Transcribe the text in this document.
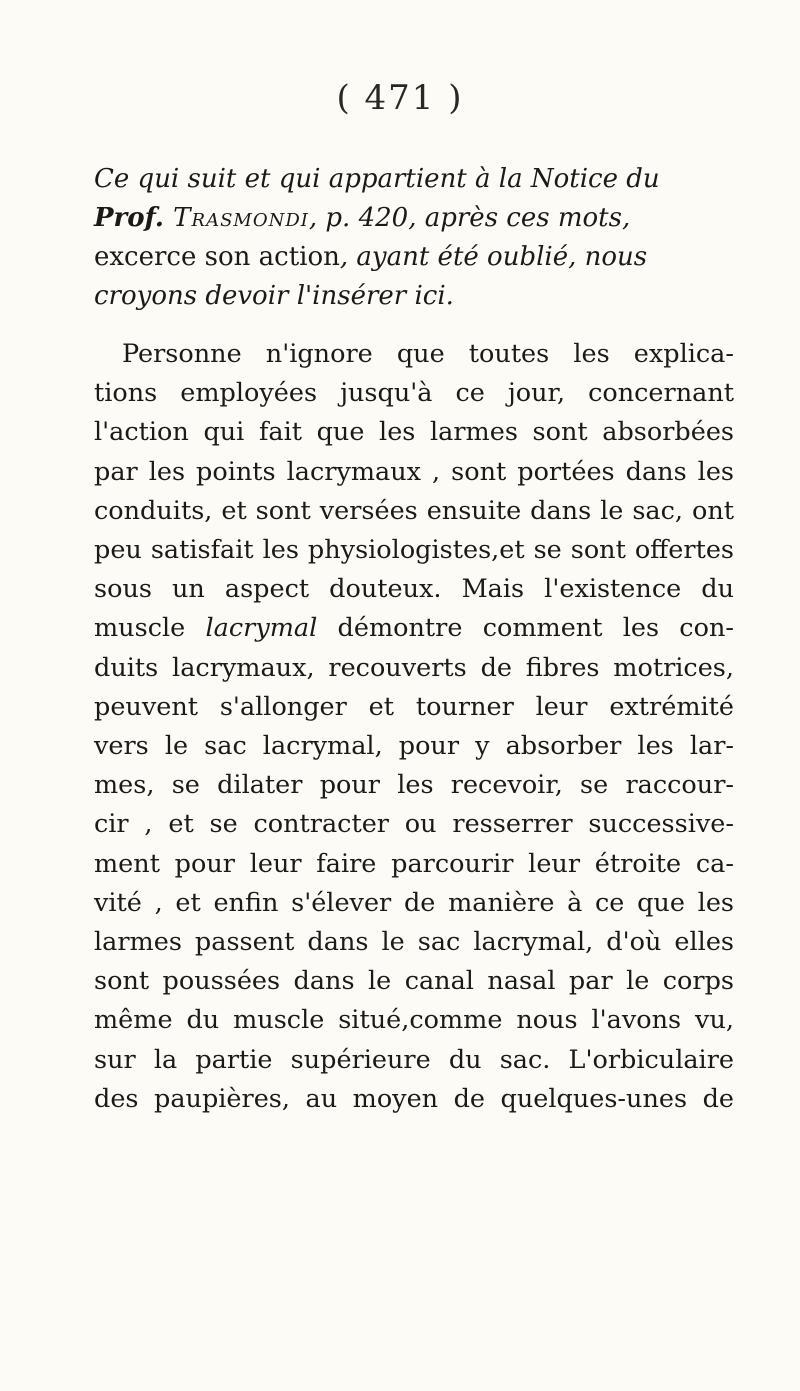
( 471 )
Ce qui suit et qui appartient à la Notice du
Prof. Trasmondi, p. 420, après ces mots,
excerce son action, ayant été oublié, nous
croyons devoir l'insérer ici.
Personne n'ignore que toutes les explica-
tions employées jusqu'à ce jour, concernant
l'action qui fait que les larmes sont absorbées
par les points lacrymaux , sont portées dans les
conduits, et sont versées ensuite dans le sac, ont
peu satisfait les physiologistes,et se sont offertes
sous un aspect douteux. Mais l'existence du
muscle lacrymal démontre comment les con-
duits lacrymaux, recouverts de fibres motrices,
peuvent s'allonger et tourner leur extrémité
vers le sac lacrymal, pour y absorber les lar-
mes, se dilater pour les recevoir, se raccour-
cir , et se contracter ou resserrer successive-
ment pour leur faire parcourir leur étroite ca-
vité , et enfin s'élever de manière à ce que les
larmes passent dans le sac lacrymal, d'où elles
sont poussées dans le canal nasal par le corps
même du muscle situé,comme nous l'avons vu,
sur la partie supérieure du sac. L'orbiculaire
des paupières, au moyen de quelques-unes de
